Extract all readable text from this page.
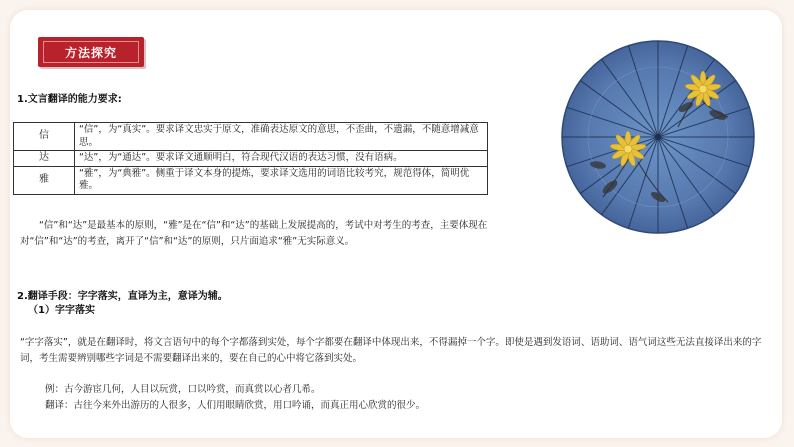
方法探究
1.文言翻译的能力要求:
信	“信”，为“真实”。要求译文忠实于原文，准确表达原文的意思，不歪曲，不遗漏，不随意增减意思。
达	“达”，为“通达”。要求译文通顺明白，符合现代汉语的表达习惯，没有语病。
雅	“雅”，为“典雅”。侧重于译文本身的提炼，要求译文选用的词语比较考究，规范得体，简明优雅。
“信”和“达”是最基本的原则，“雅”是在“信”和“达”的基础上发展提高的，考试中对考生的考查，主要体现在对“信”和“达”的考查，离开了“信”和“达”的原则，只片面追求“雅”无实际意义。
2.翻译手段：字字落实，直译为主，意译为辅。
（1）字字落实
“字字落实”，就是在翻译时，将文言语句中的每个字都落到实处，每个字都要在翻译中体现出来，不得漏掉一个字。即使是遇到发语词、语助词、语气词这些无法直接译出来的字词，考生需要辨别哪些字词是不需要翻译出来的，要在自己的心中将它落到实处。
例：古今游宦几何，人目以玩赏，口以吟赏，而真赏以心者几希。
翻译：古往今来外出游历的人很多，人们用眼睛欣赏，用口吟诵，而真正用心欣赏的很少。
